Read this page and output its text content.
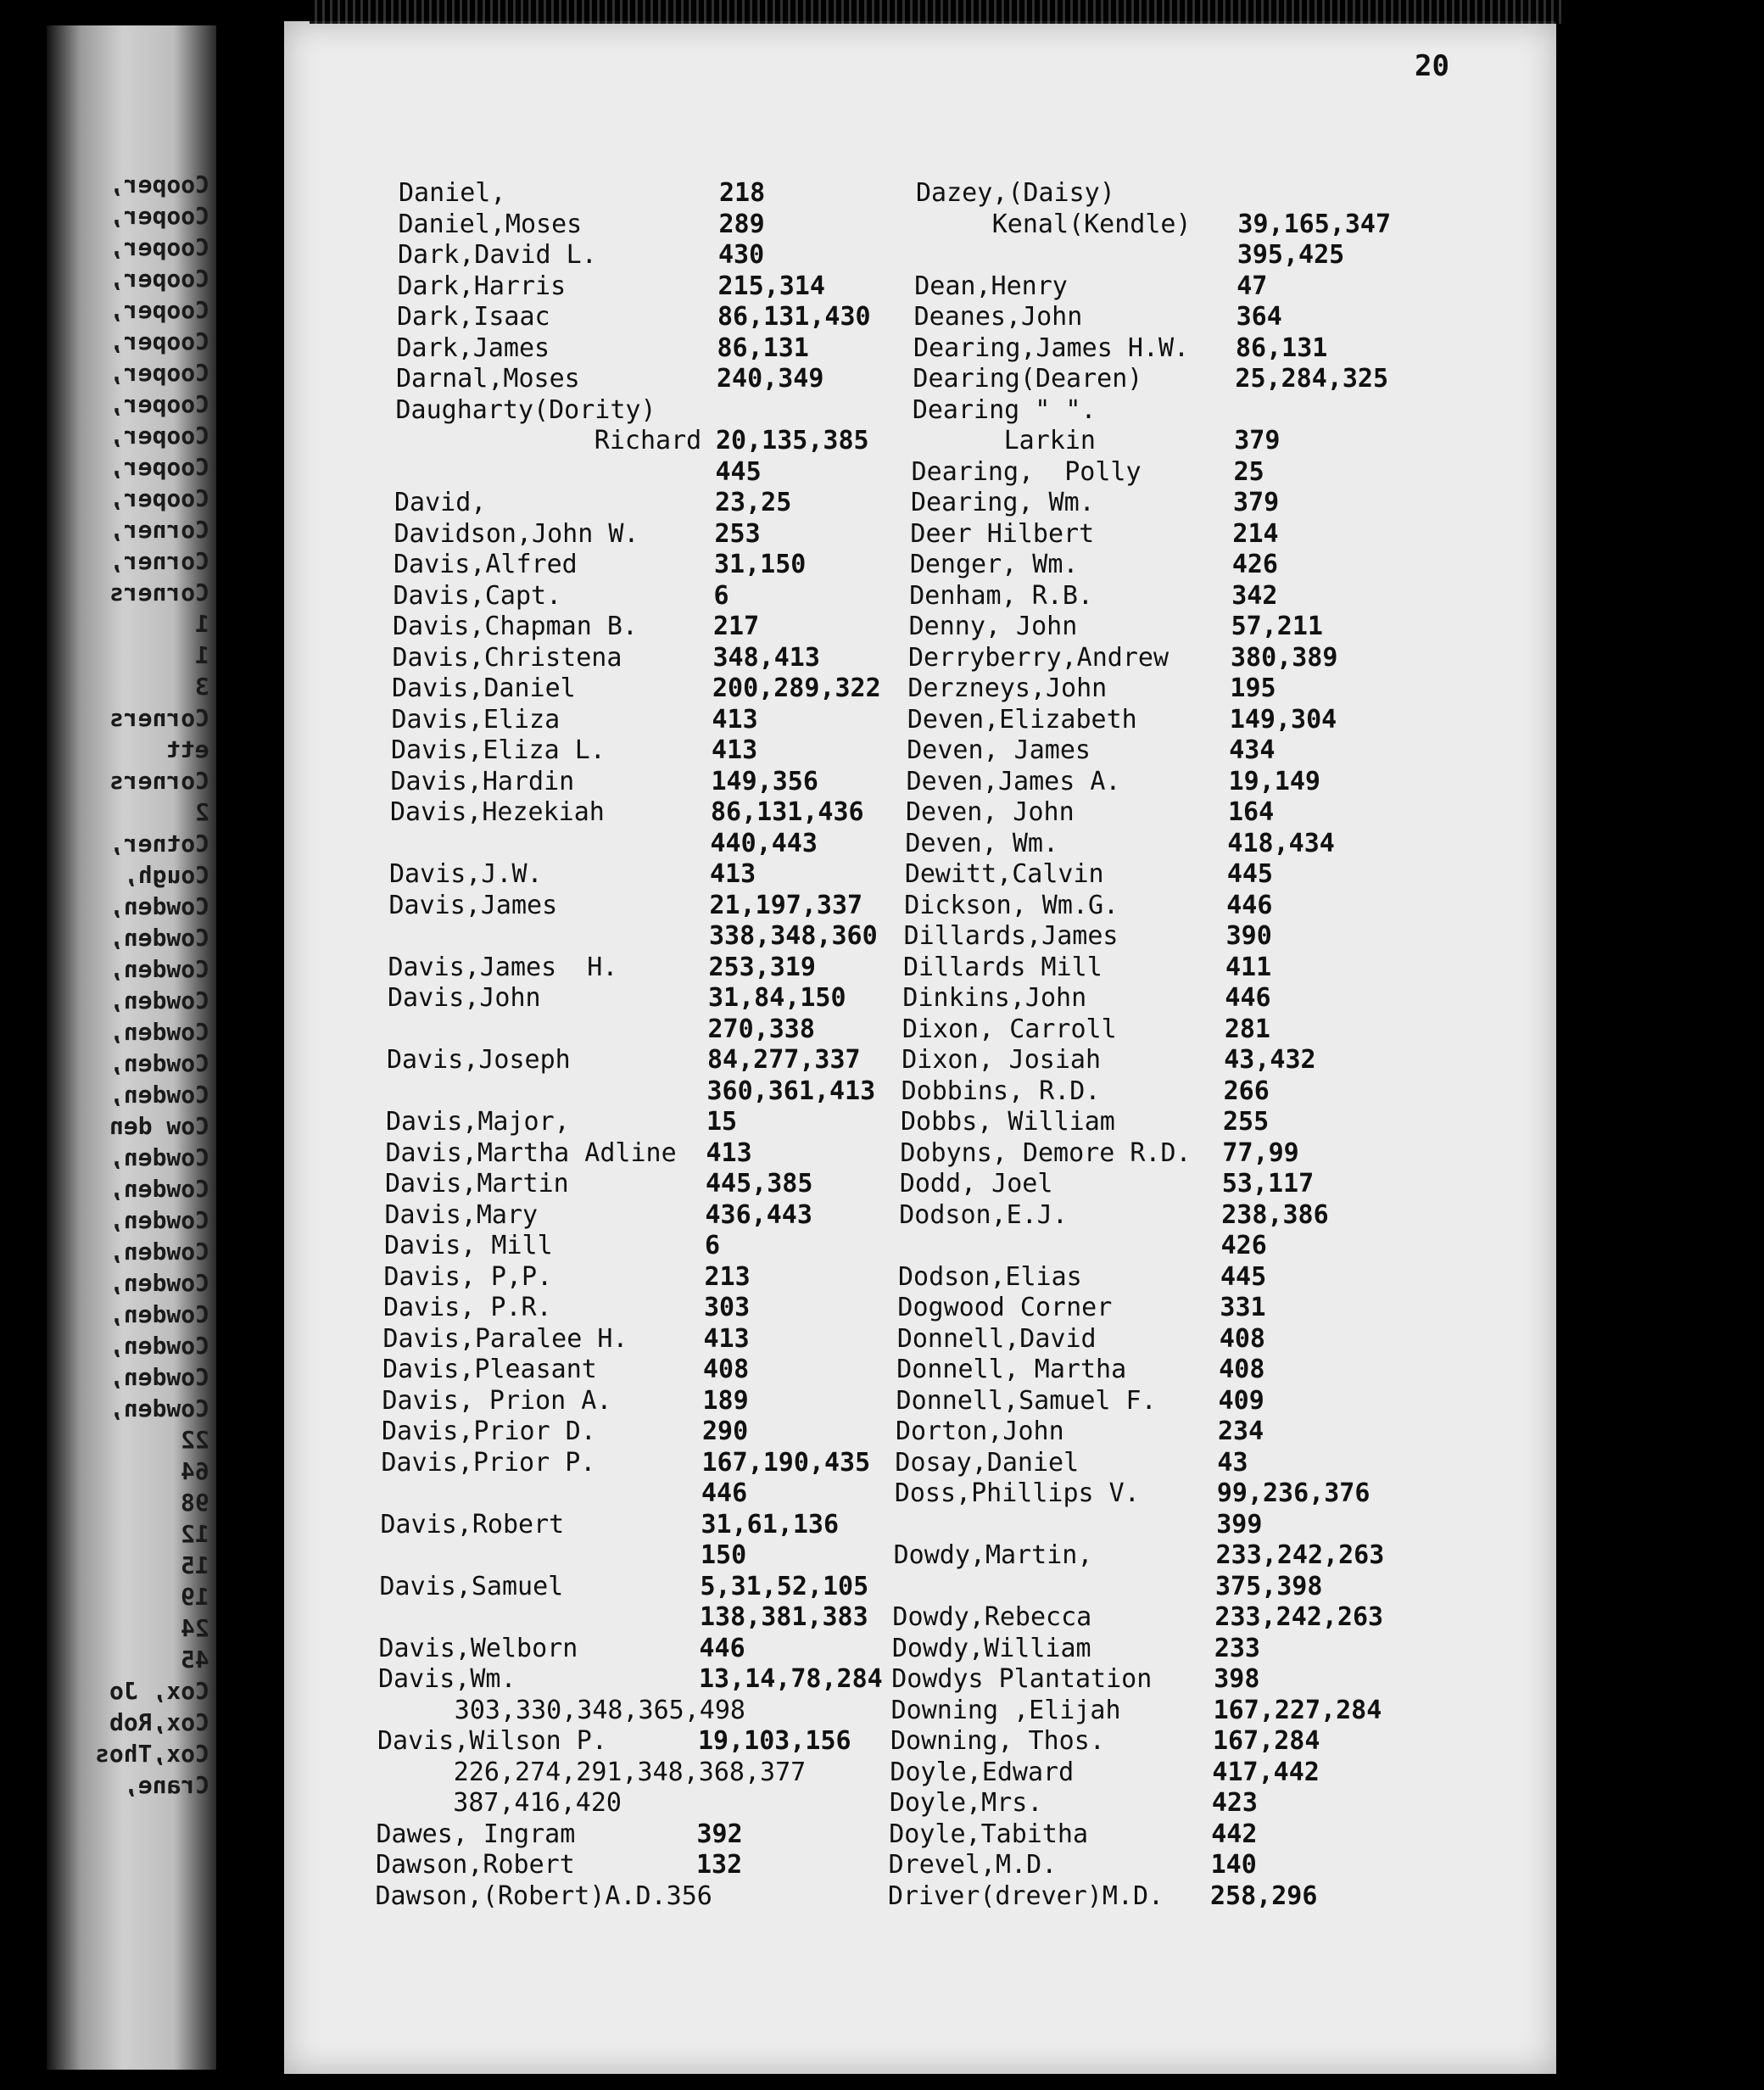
Cooper,
Cooper,
Cooper,
Cooper,
Cooper,
Cooper,
Cooper,
Cooper,
Cooper,
Cooper,
Cooper,
Corner,
Corner,
Corners
1
1
3
Corners
ett
Corners
2
Cotner,
Cough,
Cowden,
Cowden,
Cowden,
Cowden,
Cowden,
Cowden,
Cowden,
Cow den
Cowden,
Cowden,
Cowden,
Cowden,
Cowden,
Cowden,
Cowden,
Cowden,
Cowden,
22
64
98
12
15
19
24
45
Cox, Jo
Cox,Rob
Cox,Thos
Crane,
20
Daniel,	218
Daniel,Moses	289
Dark,David L.	430
Dark,Harris	215,314
Dark,Isaac	86,131,430
Dark,James	86,131
Darnal,Moses	240,349
Daugharty(Dority)
Richard 20,135,385
445
David,	23,25
Davidson,John W.	253
Davis,Alfred	31,150
Davis,Capt.	6
Davis,Chapman B.	217
Davis,Christena	348,413
Davis,Daniel	200,289,322
Davis,Eliza	413
Davis,Eliza L.	413
Davis,Hardin	149,356
Davis,Hezekiah	86,131,436
440,443
Davis,J.W.	413
Davis,James	21,197,337
338,348,360
Davis,James  H.	253,319
Davis,John	31,84,150
270,338
Davis,Joseph	84,277,337
360,361,413
Davis,Major,	15
Davis,Martha Adline 413
Davis,Martin	445,385
Davis,Mary	436,443
Davis, Mill	6
Davis, P,P.	213
Davis, P.R.	303
Davis,Paralee H.	413
Davis,Pleasant	408
Davis, Prion A.	189
Davis,Prior D.	290
Davis,Prior P.	167,190,435
446
Davis,Robert	31,61,136
150
Davis,Samuel	5,31,52,105
138,381,383
Davis,Welborn	446
Davis,Wm.	13,14,78,284
303,330,348,365,498
Davis,Wilson P.	19,103,156
226,274,291,348,368,377
387,416,420
Dawes, Ingram	392
Dawson,Robert	132
Dawson,(Robert)A.D.356
Dazey,(Daisy)
Kenal(Kendle) 39,165,347
395,425
Dean,Henry	47
Deanes,John	364
Dearing,James H.W. 86,131
Dearing(Dearen)	25,284,325
Dearing " ".
Larkin	379
Dearing,  Polly	25
Dearing, Wm.	379
Deer Hilbert	214
Denger, Wm.	426
Denham, R.B.	342
Denny, John	57,211
Derryberry,Andrew 380,389
Derzneys,John	195
Deven,Elizabeth	149,304
Deven, James	434
Deven,James A.	19,149
Deven, John	164
Deven, Wm.	418,434
Dewitt,Calvin	445
Dickson, Wm.G.	446
Dillards,James	390
Dillards Mill	411
Dinkins,John	446
Dixon, Carroll	281
Dixon, Josiah	43,432
Dobbins, R.D.	266
Dobbs, William	255
Dobyns, Demore R.D. 77,99
Dodd, Joel	53,117
Dodson,E.J.	238,386
426
Dodson,Elias	445
Dogwood Corner	331
Donnell,David	408
Donnell, Martha	408
Donnell,Samuel F. 409
Dorton,John	234
Dosay,Daniel	43
Doss,Phillips V.	99,236,376
399
Dowdy,Martin,	233,242,263
375,398
Dowdy,Rebecca	233,242,263
Dowdy,William	233
Dowdys Plantation 398
Downing ,Elijah	167,227,284
Downing, Thos.	167,284
Doyle,Edward	417,442
Doyle,Mrs.	423
Doyle,Tabitha	442
Drevel,M.D.	140
Driver(drever)M.D. 258,296
